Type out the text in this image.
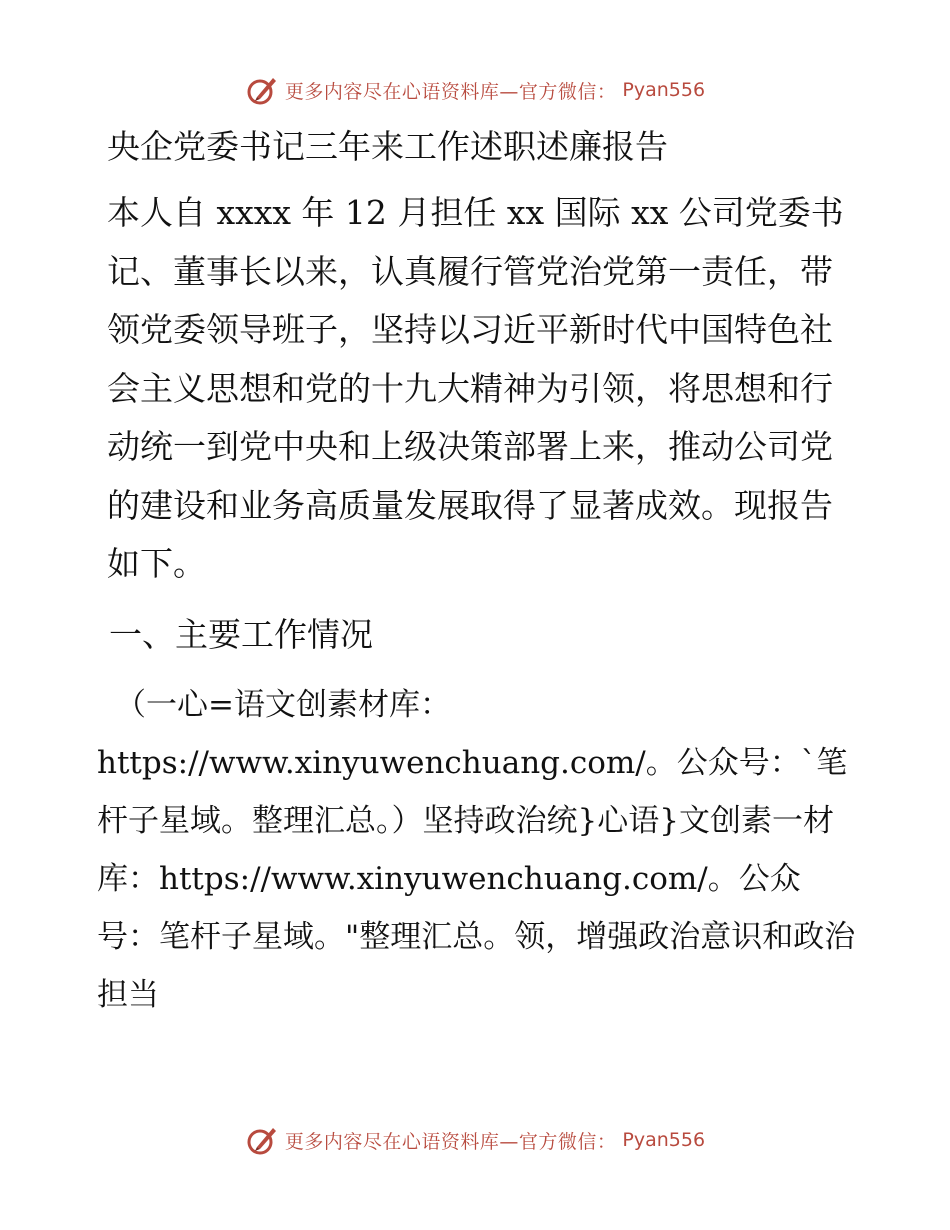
更多内容尽在心语资料库—官方微信： Pyan556
央企党委书记三年来工作述职述廉报告

本人自 xxxx 年 12 月担任 xx 国际 xx 公司党委书记、董事长以来，认真履行管党治党第一责任，带领党委领导班子，坚持以习近平新时代中国特色社会主义思想和党的十九大精神为引领，将思想和行动统一到党中央和上级决策部署上来，推动公司党的建设和业务高质量发展取得了显著成效。现报告如下。

一、主要工作情况

（一心=语文创素材库：https://www.xinyuwenchuang.com/。公众号：`笔杆子星域。整理汇总。）坚持政治统}心语}文创素一材库：https://www.xinyuwenchuang.com/。公众号：笔杆子星域。"整理汇总。领，增强政治意识和政治担当

更多内容尽在心语资料库—官方微信： Pyan556
